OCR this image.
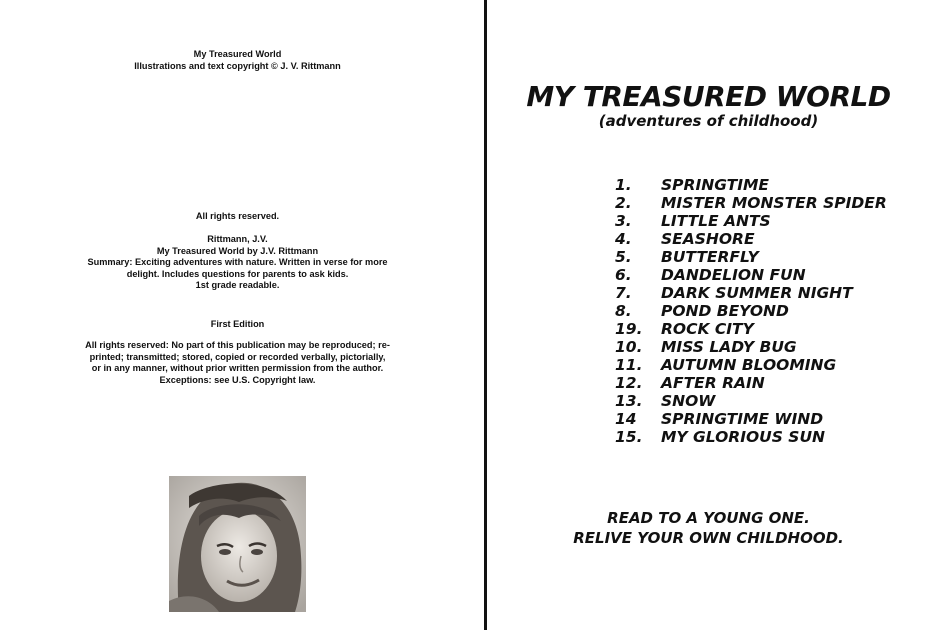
My Treasured World
Illustrations and text copyright © J. V. Rittmann
All rights reserved.
Rittmann, J.V.
My Treasured World by J.V. Rittmann
Summary: Exciting adventures with nature. Written in verse for more
delight. Includes questions for parents to ask kids.
1st grade readable.
First Edition
All rights reserved: No part of this publication may be reproduced; re-
printed; transmitted; stored, copied or recorded verbally, pictorially,
or in any manner, without prior written permission from the author.
Exceptions: see U.S. Copyright law.
MY TREASURED WORLD
(adventures of childhood)
1.	SPRINGTIME
2.	MISTER MONSTER SPIDER
3.	LITTLE ANTS
4.	SEASHORE
5.	BUTTERFLY
6.	DANDELION FUN
7.	DARK SUMMER NIGHT
8.	POND BEYOND
19.	ROCK CITY
10.	MISS LADY BUG
11.	AUTUMN BLOOMING
12.	AFTER RAIN
13.	SNOW
14	SPRINGTIME WIND
15.	MY GLORIOUS SUN
READ TO A YOUNG ONE.
RELIVE YOUR OWN CHILDHOOD.
